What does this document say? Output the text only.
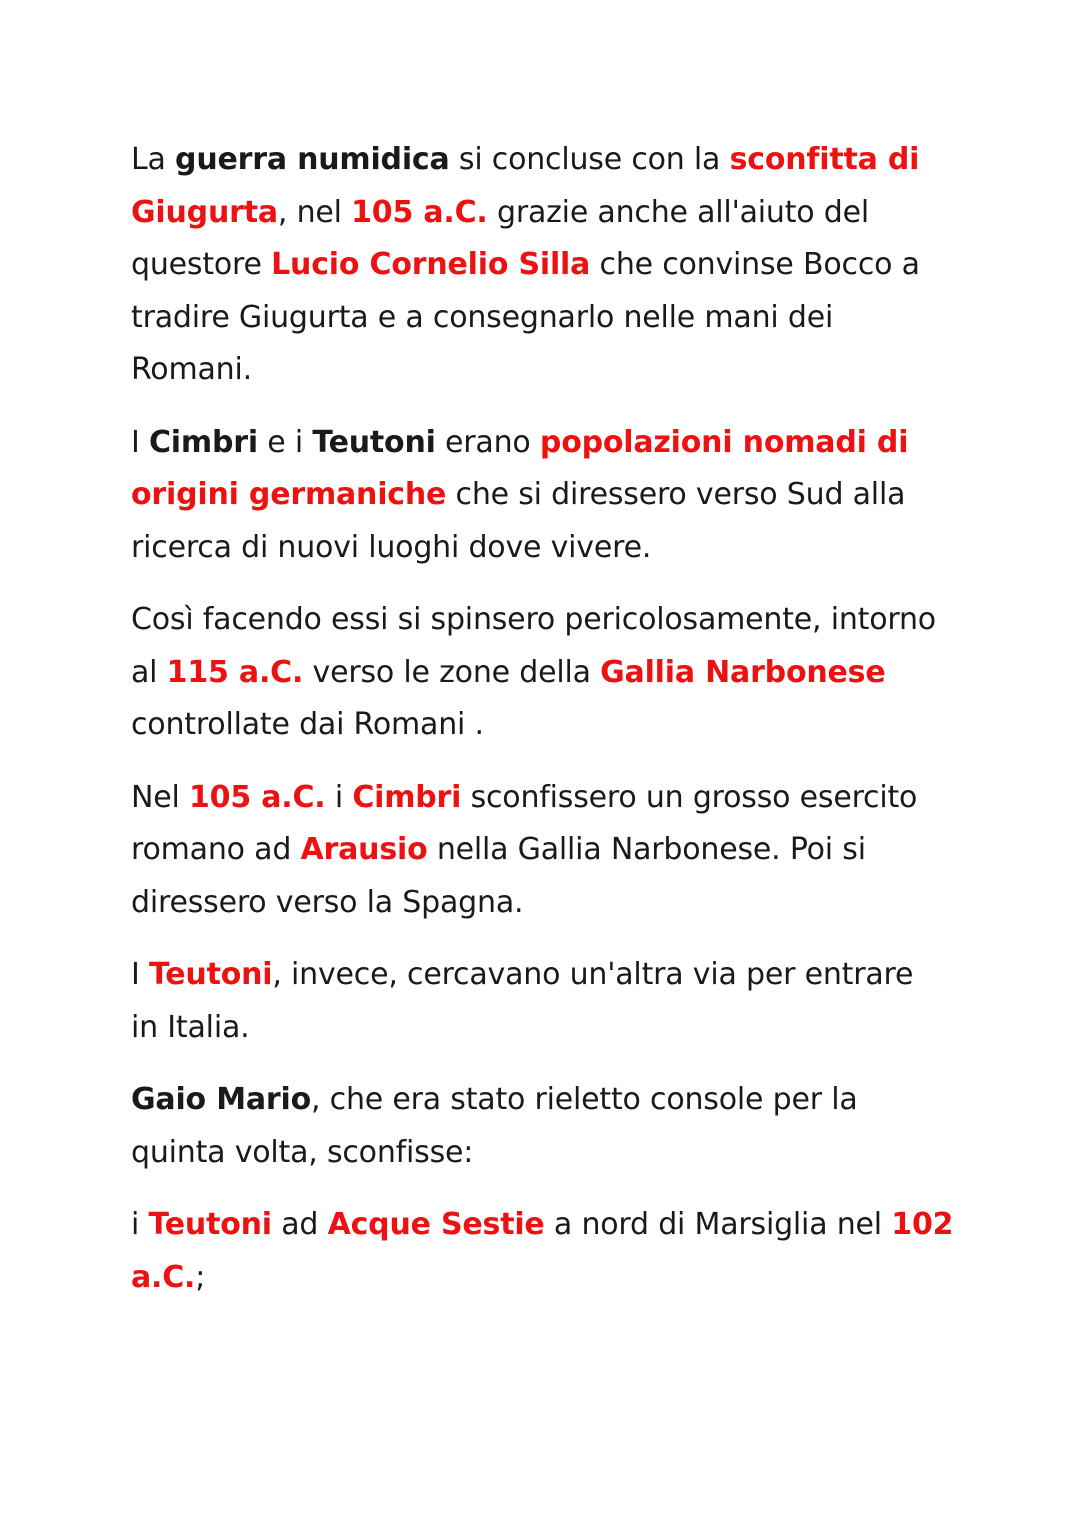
La guerra numidica si concluse con la sconfitta di
Giugurta, nel 105 a.C. grazie anche all'aiuto del
questore Lucio Cornelio Silla che convinse Bocco a
tradire Giugurta e a consegnarlo nelle mani dei
Romani.
I Cimbri e i Teutoni erano popolazioni nomadi di
origini germaniche che si diressero verso Sud alla
ricerca di nuovi luoghi dove vivere.
Così facendo essi si spinsero pericolosamente, intorno
al 115 a.C. verso le zone della Gallia Narbonese
controllate dai Romani .
Nel 105 a.C. i Cimbri sconfissero un grosso esercito
romano ad Arausio nella Gallia Narbonese. Poi si
diressero verso la Spagna.
I Teutoni, invece, cercavano un'altra via per entrare
in Italia.
Gaio Mario, che era stato rieletto console per la
quinta volta, sconfisse:
i Teutoni ad Acque Sestie a nord di Marsiglia nel 102
a.C.;
